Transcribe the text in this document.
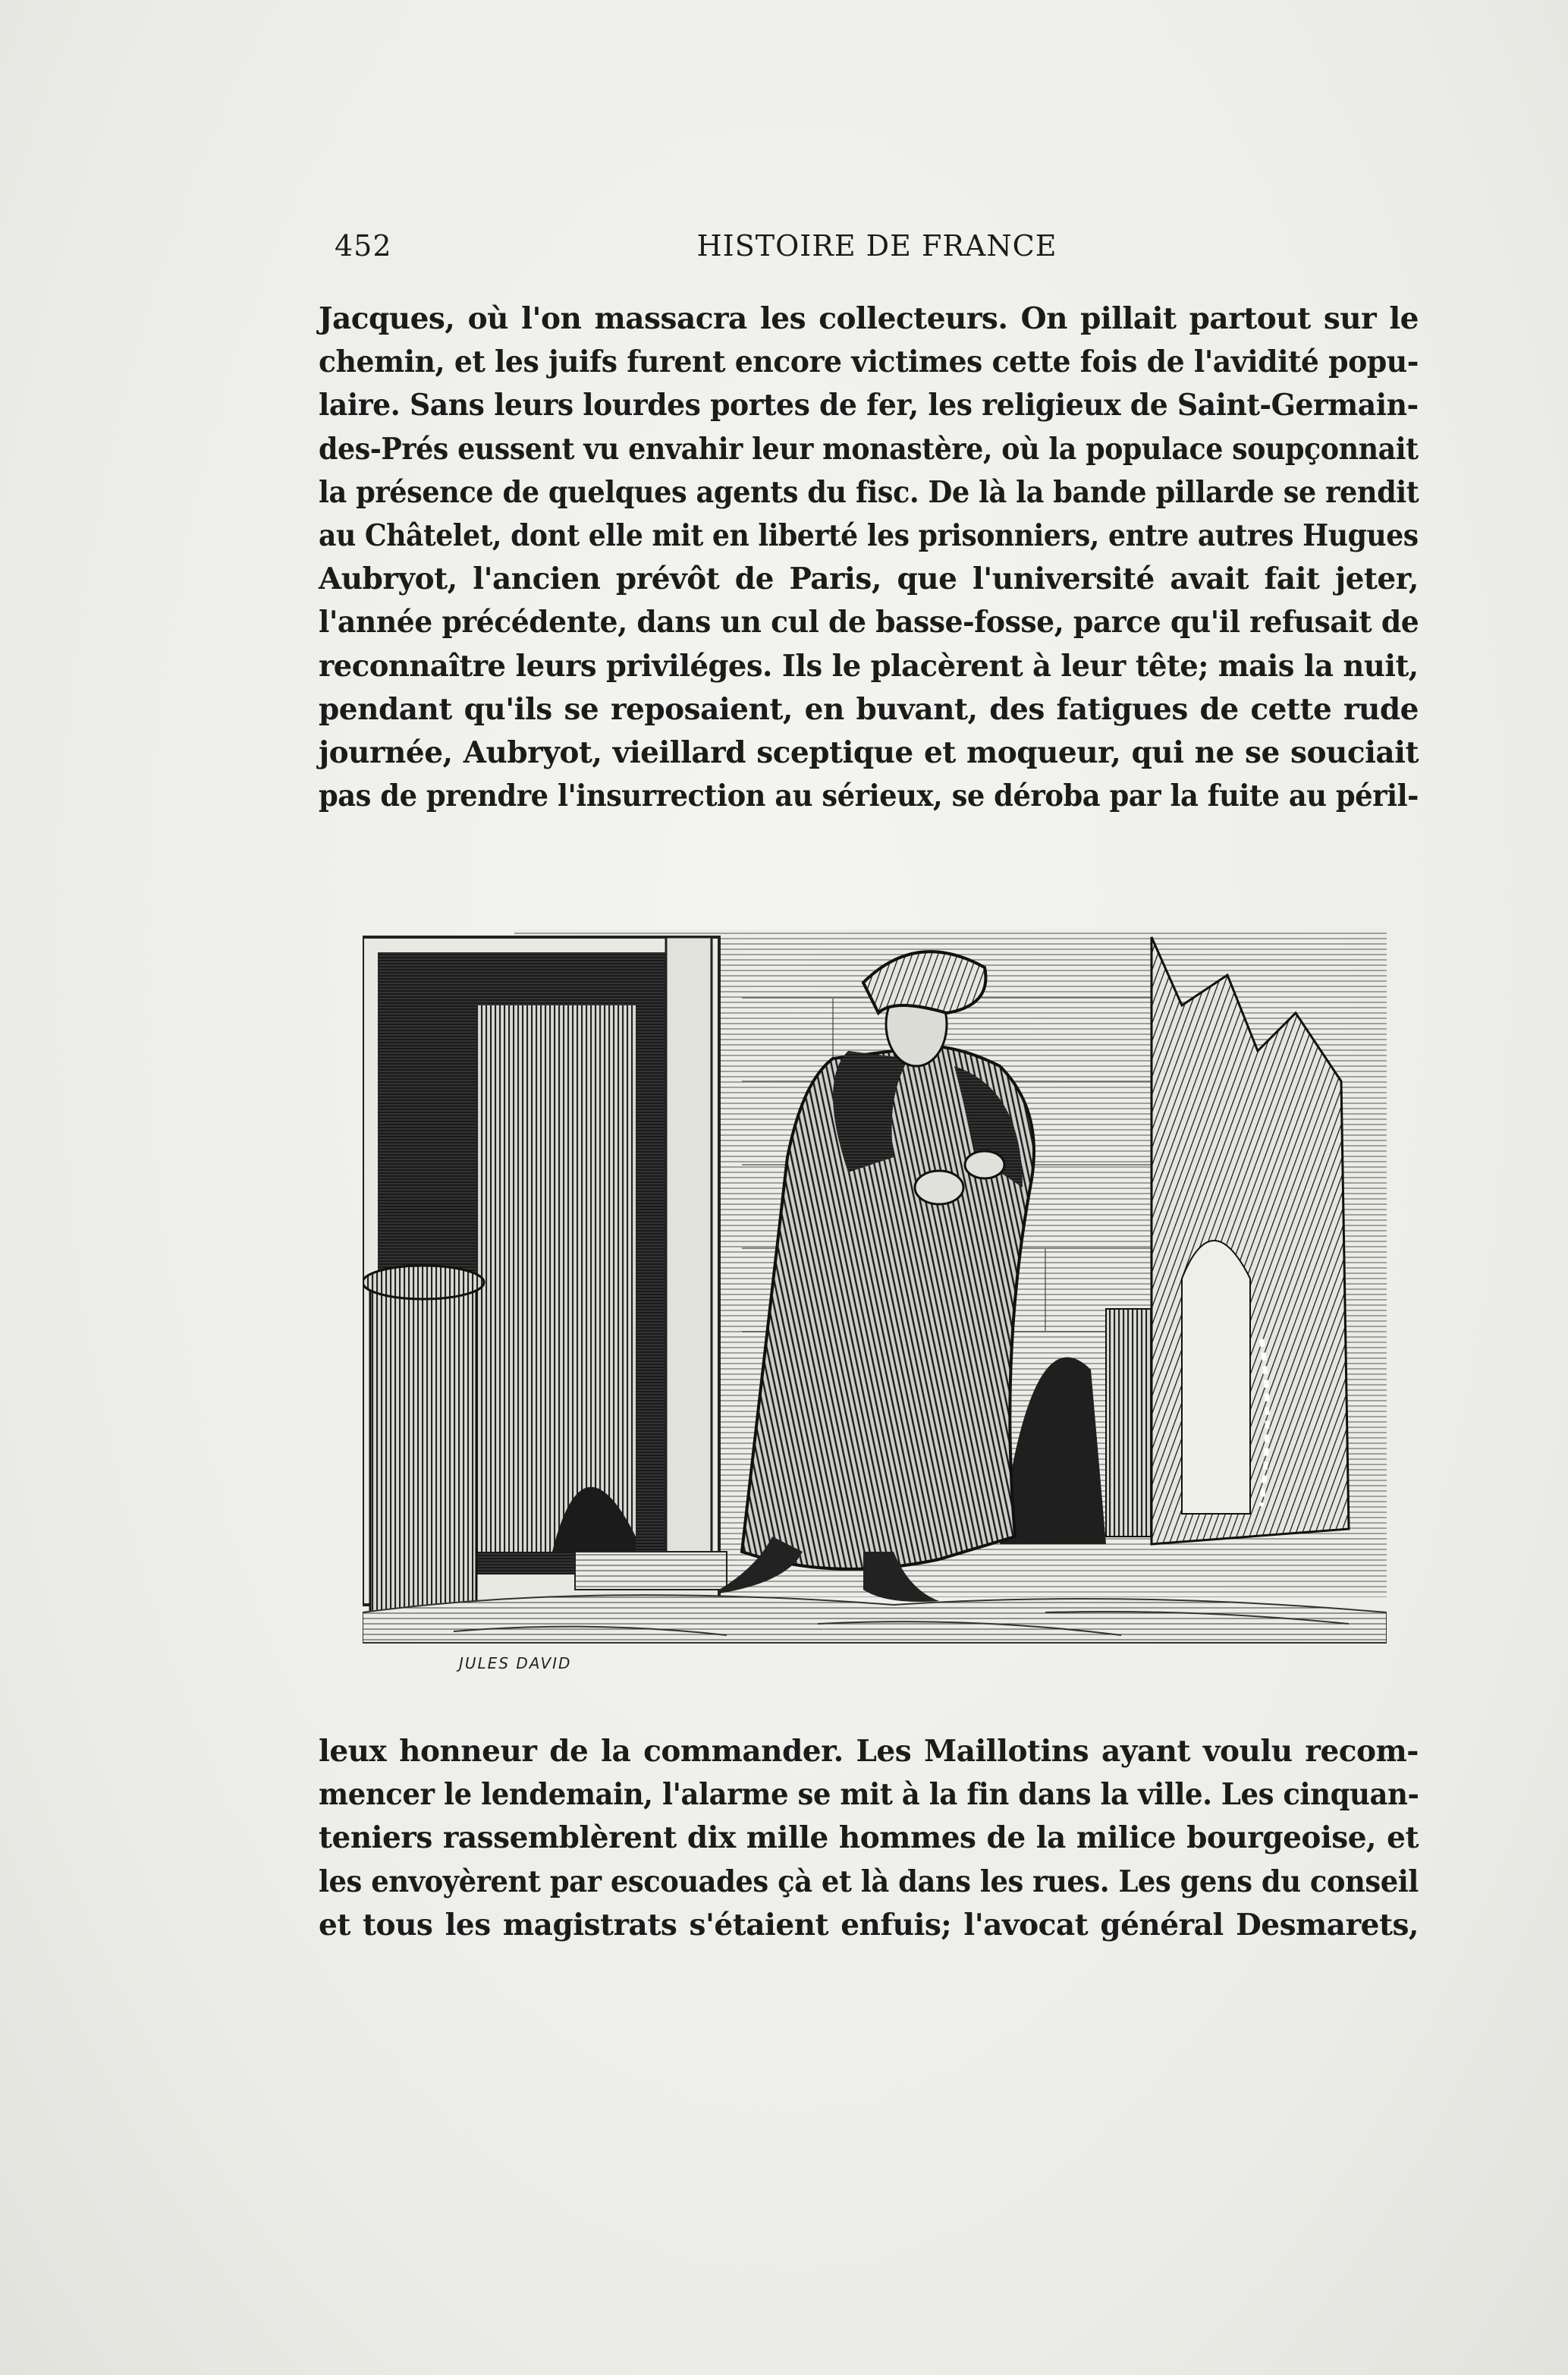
452	HISTOIRE DE FRANCE
Jacques, où l'on massacra les collecteurs. On pillait partout sur le
chemin, et les juifs furent encore victimes cette fois de l'avidité popu-
laire. Sans leurs lourdes portes de fer, les religieux de Saint-Germain-
des-Prés eussent vu envahir leur monastère, où la populace soupçonnait
la présence de quelques agents du fisc. De là la bande pillarde se rendit
au Châtelet, dont elle mit en liberté les prisonniers, entre autres Hugues
Aubryot, l'ancien prévôt de Paris, que l'université avait fait jeter,
l'année précédente, dans un cul de basse-fosse, parce qu'il refusait de
reconnaître leurs priviléges. Ils le placèrent à leur tête; mais la nuit,
pendant qu'ils se reposaient, en buvant, des fatigues de cette rude
journée, Aubryot, vieillard sceptique et moqueur, qui ne se souciait
pas de prendre l'insurrection au sérieux, se déroba par la fuite au péril-
JULES DAVID
leux honneur de la commander. Les Maillotins ayant voulu recom-
mencer le lendemain, l'alarme se mit à la fin dans la ville. Les cinquan-
teniers rassemblèrent dix mille hommes de la milice bourgeoise, et
les envoyèrent par escouades çà et là dans les rues. Les gens du conseil
et tous les magistrats s'étaient enfuis; l'avocat général Desmarets,
